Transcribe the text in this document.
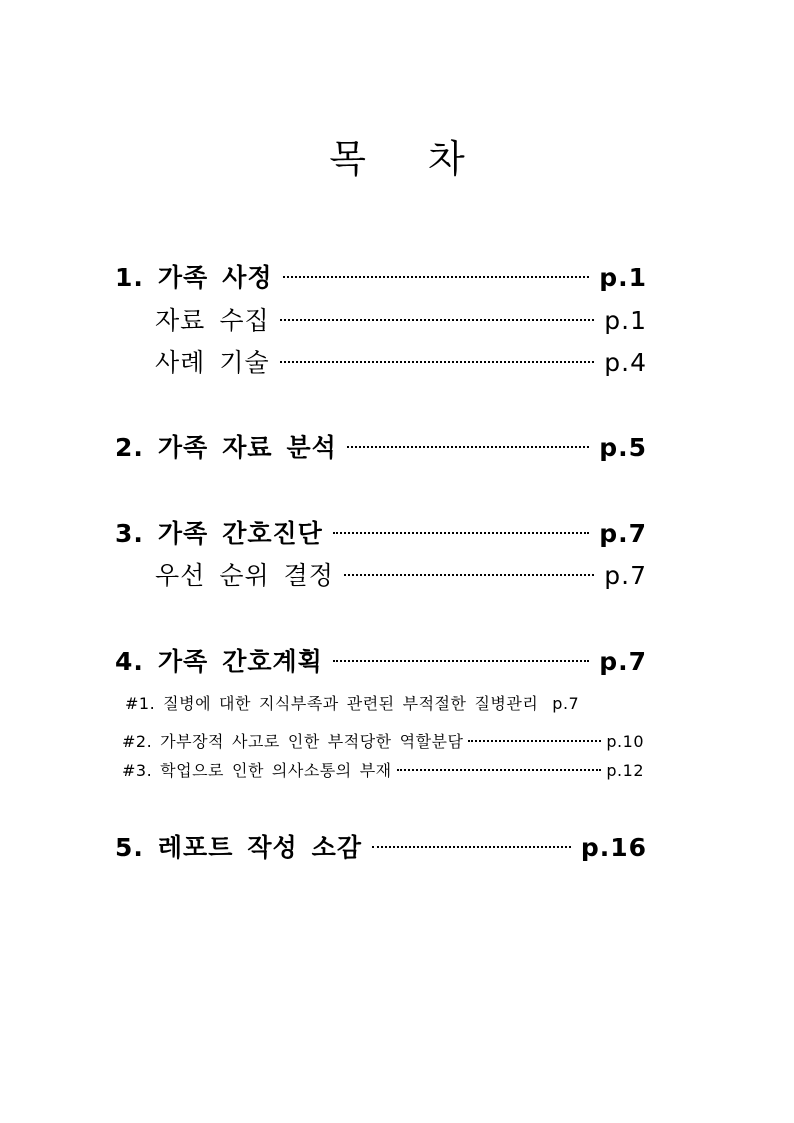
목 차
1. 가족 사정	p.1
자료 수집	p.1
사례 기술	p.4
2. 가족 자료 분석	p.5
3. 가족 간호진단	p.7
우선 순위 결정	p.7
4. 가족 간호계획	p.7
#1. 질병에 대한 지식부족과 관련된 부적절한 질병관리 p.7
#2. 가부장적 사고로 인한 부적당한 역할분담	p.10
#3. 학업으로 인한 의사소통의 부재	p.12
5. 레포트 작성 소감	p.16
